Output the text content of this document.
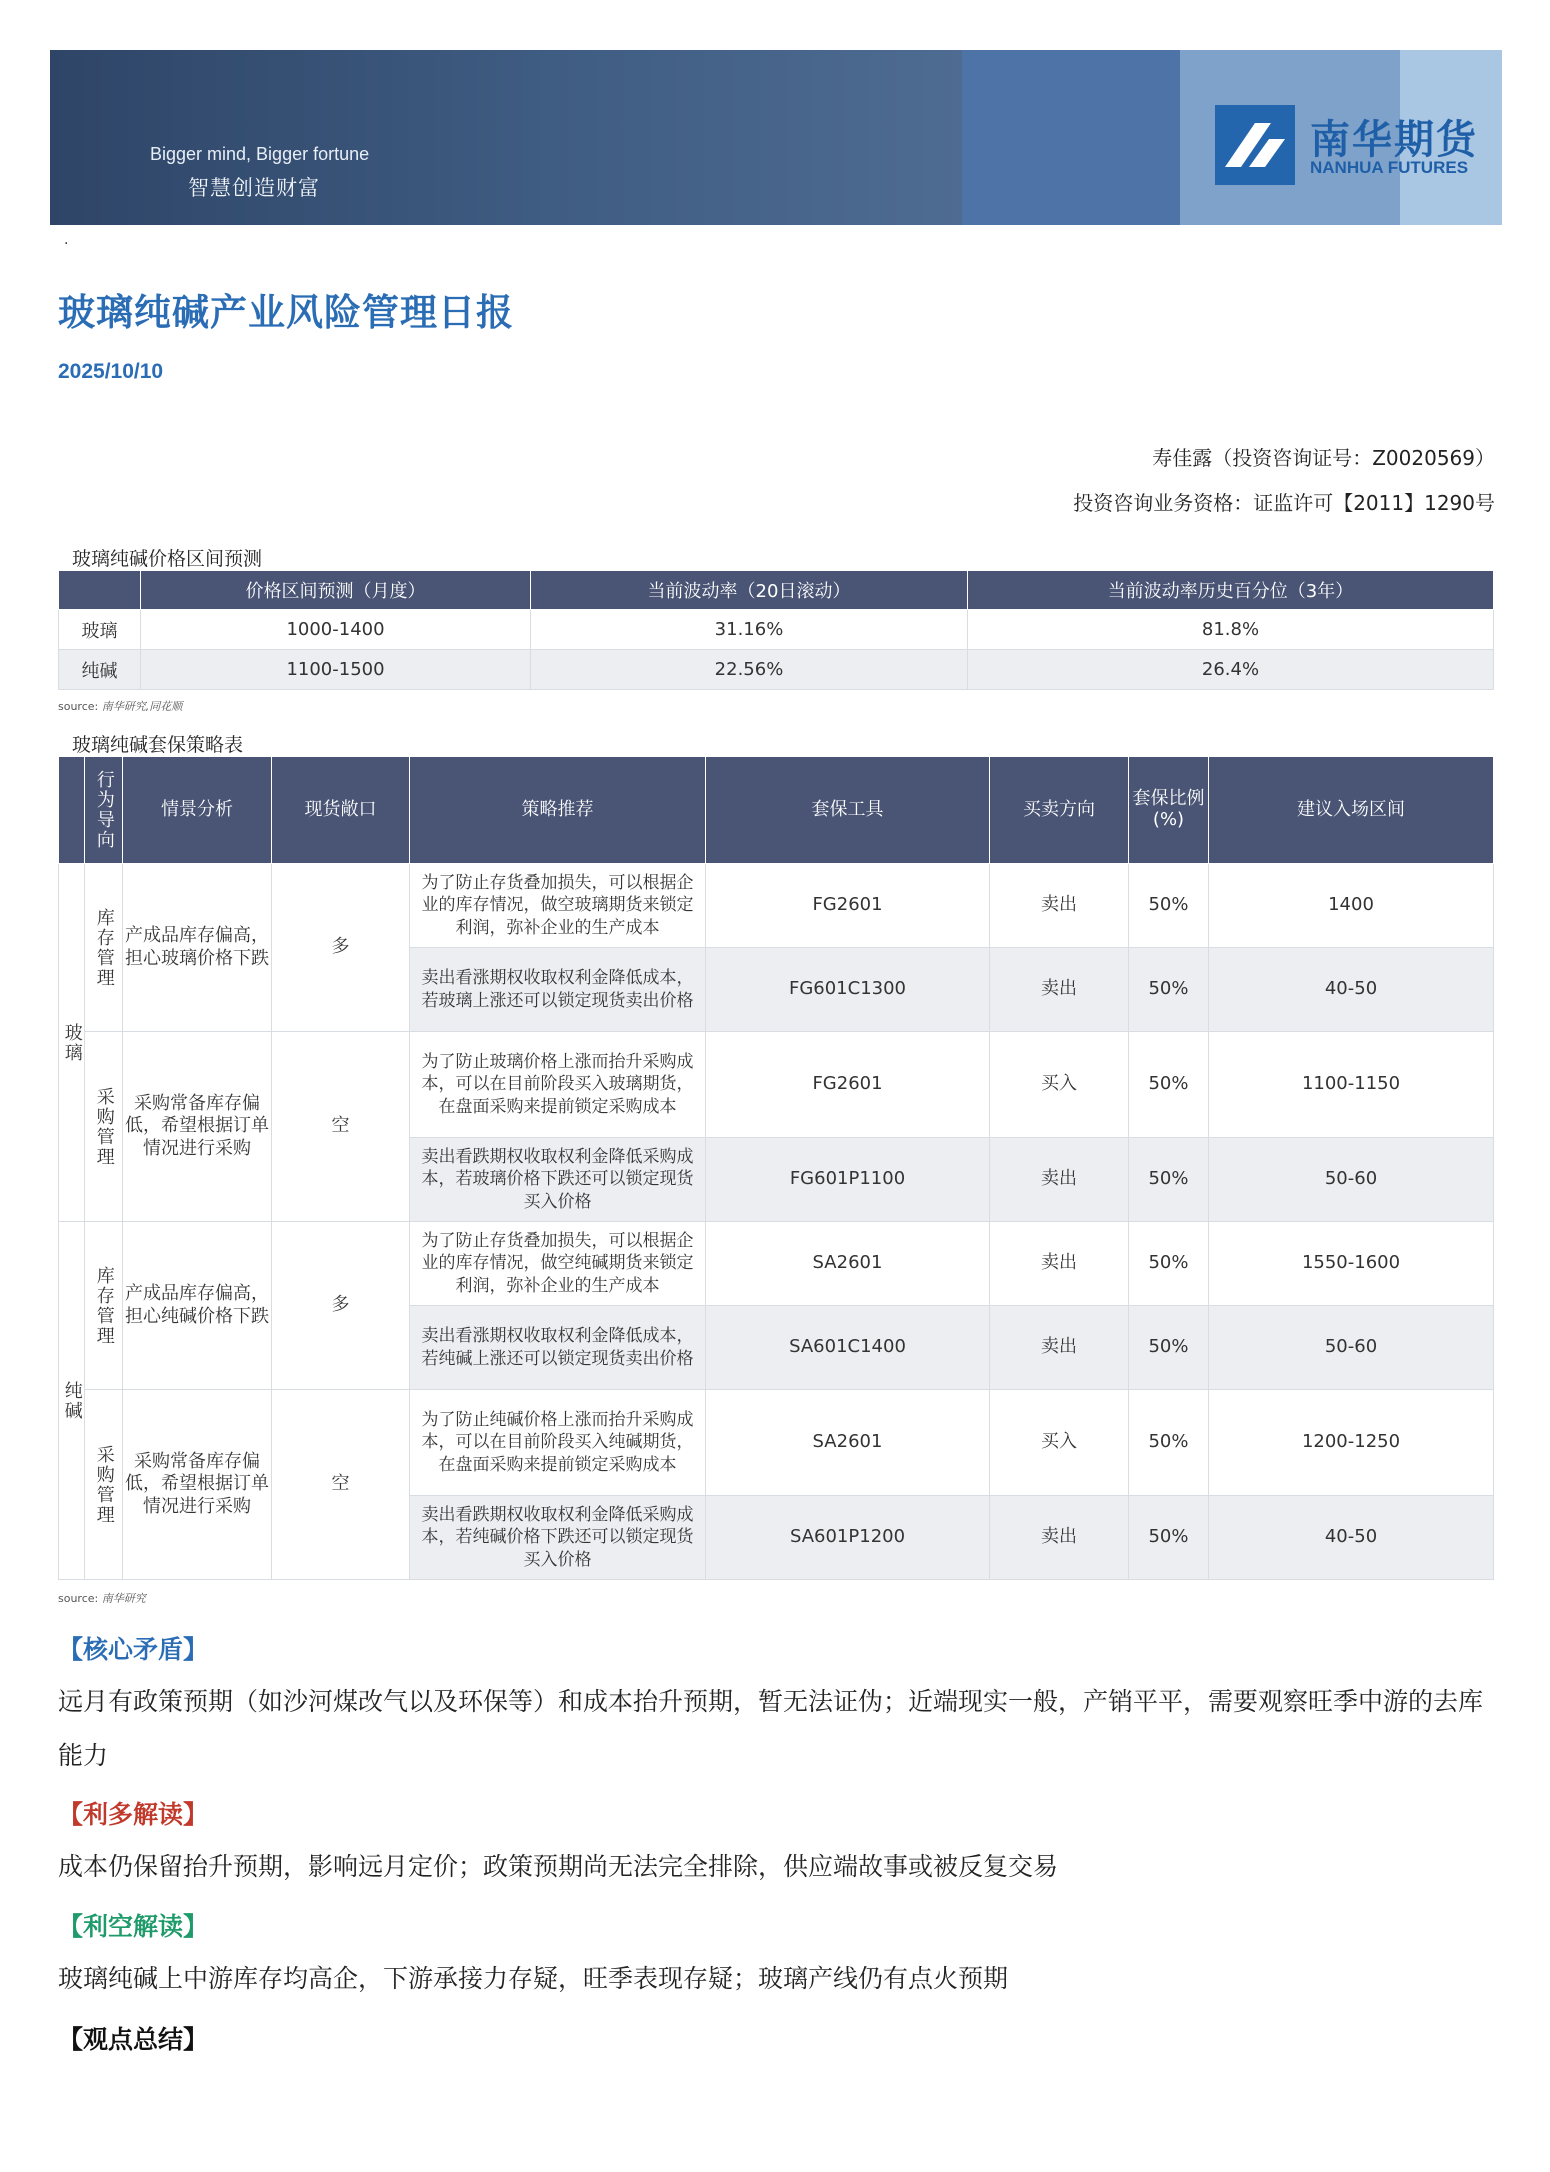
Bigger mind, Bigger fortune
智慧创造财富
南华期货
NANHUA FUTURES
.
玻璃纯碱产业风险管理日报
2025/10/10
寿佳露（投资咨询证号：Z0020569）
投资咨询业务资格：证监许可【2011】1290号
玻璃纯碱价格区间预测
	价格区间预测（月度）	当前波动率（20日滚动）	当前波动率历史百分位（3年）
玻璃	1000-1400	31.16%	81.8%
纯碱	1100-1500	22.56%	26.4%
source: 南华研究,同花顺
玻璃纯碱套保策略表

	行为导向	情景分析	现货敞口	策略推荐	套保工具	买卖方向	套保比例(%)	建议入场区间

玻璃	库存管理	产成品库存偏高，担心玻璃价格下跌	多	为了防止存货叠加损失，可以根据企业的库存情况，做空玻璃期货来锁定利润，弥补企业的生产成本	FG2601	卖出	50%	1400
				卖出看涨期权收取权利金降低成本，若玻璃上涨还可以锁定现货卖出价格	FG601C1300	卖出	50%	40-50

	采购管理	采购常备库存偏低，希望根据订单情况进行采购	空	为了防止玻璃价格上涨而抬升采购成本，可以在目前阶段买入玻璃期货，在盘面采购来提前锁定采购成本	FG2601	买入	50%	1100-1150
				卖出看跌期权收取权利金降低采购成本，若玻璃价格下跌还可以锁定现货买入价格	FG601P1100	卖出	50%	50-60

纯碱	库存管理	产成品库存偏高，担心纯碱价格下跌	多	为了防止存货叠加损失，可以根据企业的库存情况，做空纯碱期货来锁定利润，弥补企业的生产成本	SA2601	卖出	50%	1550-1600
				卖出看涨期权收取权利金降低成本，若纯碱上涨还可以锁定现货卖出价格	SA601C1400	卖出	50%	50-60

	采购管理	采购常备库存偏低，希望根据订单情况进行采购	空	为了防止纯碱价格上涨而抬升采购成本，可以在目前阶段买入纯碱期货，在盘面采购来提前锁定采购成本	SA2601	买入	50%	1200-1250
				卖出看跌期权收取权利金降低采购成本，若纯碱价格下跌还可以锁定现货买入价格	SA601P1200	卖出	50%	40-50
source: 南华研究
【核心矛盾】
远月有政策预期（如沙河煤改气以及环保等）和成本抬升预期，暂无法证伪；近端现实一般，产销平平，需要观察旺季中游的去库能力
【利多解读】
成本仍保留抬升预期，影响远月定价；政策预期尚无法完全排除，供应端故事或被反复交易
【利空解读】
玻璃纯碱上中游库存均高企，下游承接力存疑，旺季表现存疑；玻璃产线仍有点火预期
【观点总结】
